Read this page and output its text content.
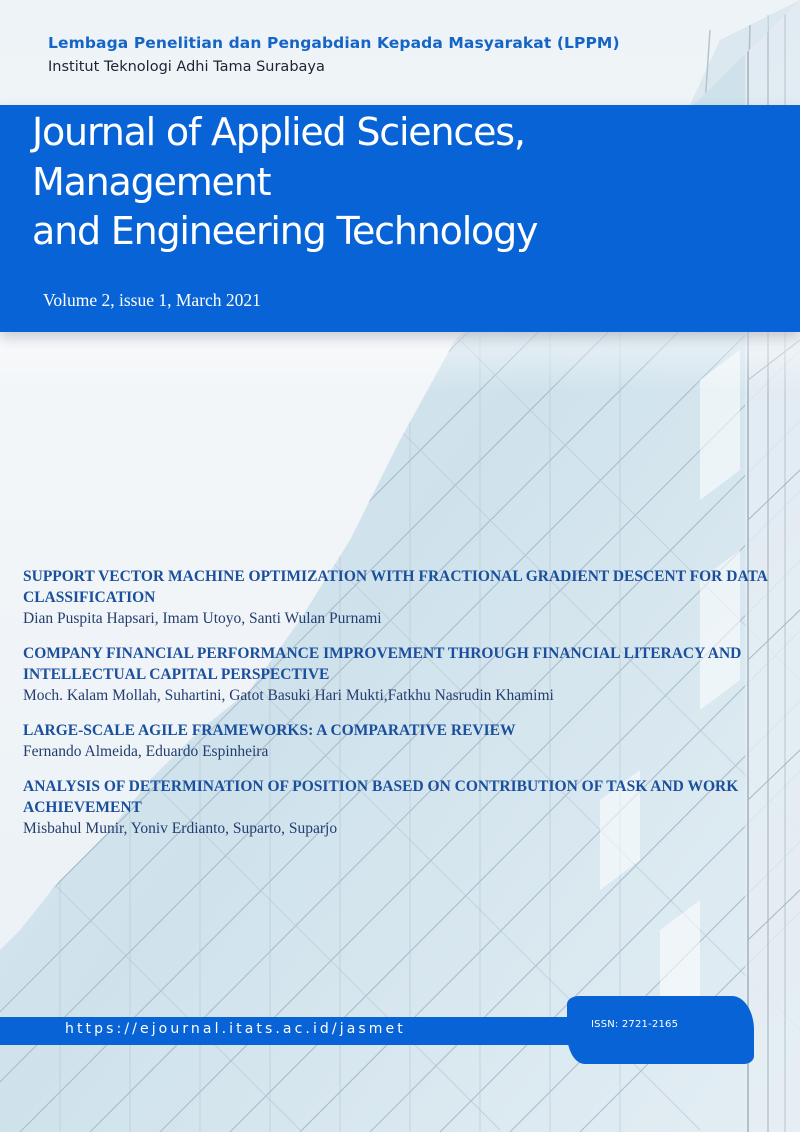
Lembaga Penelitian dan Pengabdian Kepada Masyarakat (LPPM)
Institut Teknologi Adhi Tama Surabaya
Journal of Applied Sciences,
Management
and Engineering Technology
Volume 2, issue 1, March 2021
SUPPORT VECTOR MACHINE OPTIMIZATION WITH FRACTIONAL GRADIENT DESCENT FOR DATA CLASSIFICATION
Dian Puspita Hapsari, Imam Utoyo, Santi Wulan Purnami
COMPANY FINANCIAL PERFORMANCE IMPROVEMENT THROUGH FINANCIAL LITERACY AND INTELLECTUAL CAPITAL PERSPECTIVE
Moch. Kalam Mollah, Suhartini, Gatot Basuki Hari Mukti,Fatkhu Nasrudin Khamimi
LARGE-SCALE AGILE FRAMEWORKS: A COMPARATIVE REVIEW
Fernando Almeida, Eduardo Espinheira
ANALYSIS OF DETERMINATION OF POSITION BASED ON CONTRIBUTION OF TASK AND WORK ACHIEVEMENT
Misbahul Munir, Yoniv Erdianto, Suparto, Suparjo
https://ejournal.itats.ac.id/jasmet	ISSN: 2721-2165
